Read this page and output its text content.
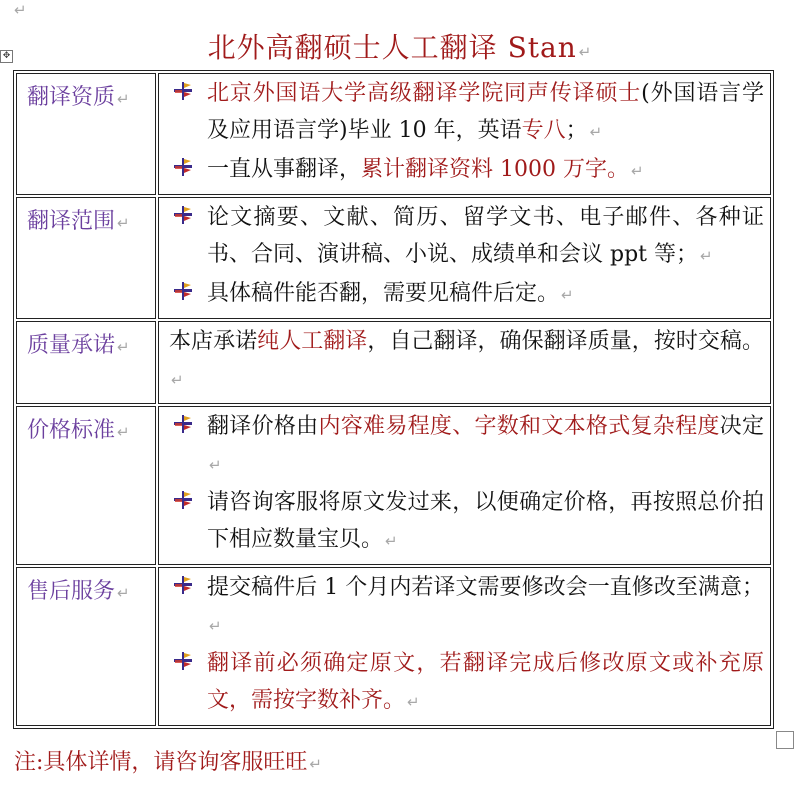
↵
北外高翻硕士人工翻译 Stan ↵
✥
翻译资质 ↵	北京外国语大学高级翻译学院同声传译硕士(外国语言学及应用语言学)毕业 10 年，英语专八； ↵
一直从事翻译，累计翻译资料 1000 万字。 ↵

翻译范围 ↵	论文摘要、文献、简历、留学文书、电子邮件、各种证书、合同、演讲稿、小说、成绩单和会议 ppt 等； ↵
具体稿件能否翻，需要见稿件后定。 ↵

质量承诺 ↵	本店承诺纯人工翻译，自己翻译，确保翻译质量，按时交稿。↵

价格标准 ↵	翻译价格由内容难易程度、字数和文本格式复杂程度决定↵
请咨询客服将原文发过来，以便确定价格，再按照总价拍下相应数量宝贝。 ↵

售后服务 ↵	提交稿件后 1 个月内若译文需要修改会一直修改至满意；↵
翻译前必须确定原文，若翻译完成后修改原文或补充原文，需按字数补齐。 ↵
注:具体详情，请咨询客服旺旺 ↵
